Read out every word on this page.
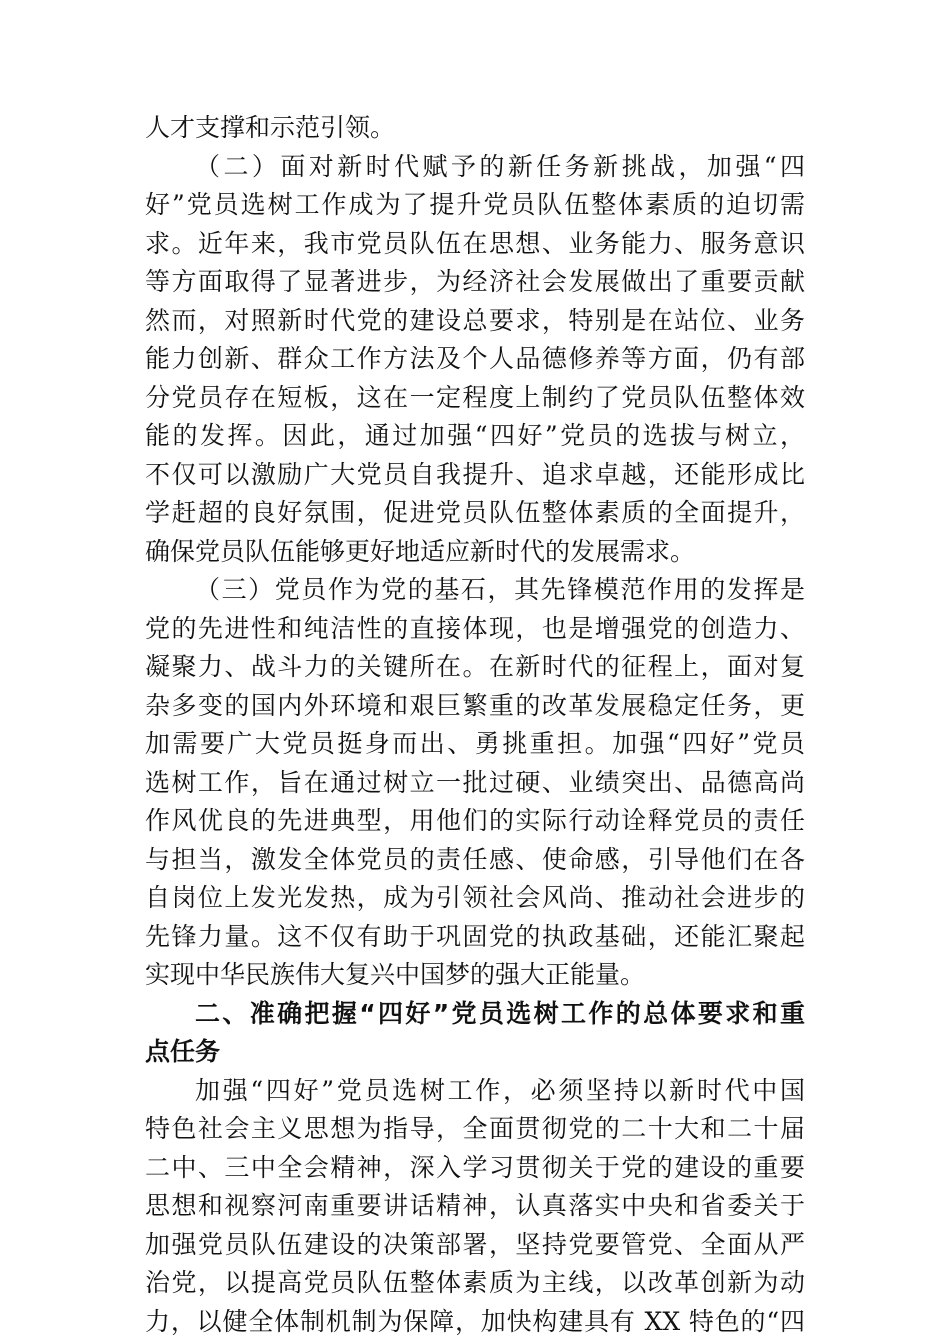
人才支撑和示范引领。
（二）面对新时代赋予的新任务新挑战，加强“四
好”党员选树工作成为了提升党员队伍整体素质的迫切需
求。近年来，我市党员队伍在思想、业务能力、服务意识
等方面取得了显著进步，为经济社会发展做出了重要贡献
然而，对照新时代党的建设总要求，特别是在站位、业务
能力创新、群众工作方法及个人品德修养等方面，仍有部
分党员存在短板，这在一定程度上制约了党员队伍整体效
能的发挥。因此，通过加强“四好”党员的选拔与树立，
不仅可以激励广大党员自我提升、追求卓越，还能形成比
学赶超的良好氛围，促进党员队伍整体素质的全面提升，
确保党员队伍能够更好地适应新时代的发展需求。
（三）党员作为党的基石，其先锋模范作用的发挥是
党的先进性和纯洁性的直接体现，也是增强党的创造力、
凝聚力、战斗力的关键所在。在新时代的征程上，面对复
杂多变的国内外环境和艰巨繁重的改革发展稳定任务，更
加需要广大党员挺身而出、勇挑重担。加强“四好”党员
选树工作，旨在通过树立一批过硬、业绩突出、品德高尚
作风优良的先进典型，用他们的实际行动诠释党员的责任
与担当，激发全体党员的责任感、使命感，引导他们在各
自岗位上发光发热，成为引领社会风尚、推动社会进步的
先锋力量。这不仅有助于巩固党的执政基础，还能汇聚起
实现中华民族伟大复兴中国梦的强大正能量。
二、准确把握“四好”党员选树工作的总体要求和重
点任务
加强“四好”党员选树工作，必须坚持以新时代中国
特色社会主义思想为指导，全面贯彻党的二十大和二十届
二中、三中全会精神，深入学习贯彻关于党的建设的重要
思想和视察河南重要讲话精神，认真落实中央和省委关于
加强党员队伍建设的决策部署，坚持党要管党、全面从严
治党，以提高党员队伍整体素质为主线，以改革创新为动
力，以健全体制机制为保障，加快构建具有 XX 特色的“四
